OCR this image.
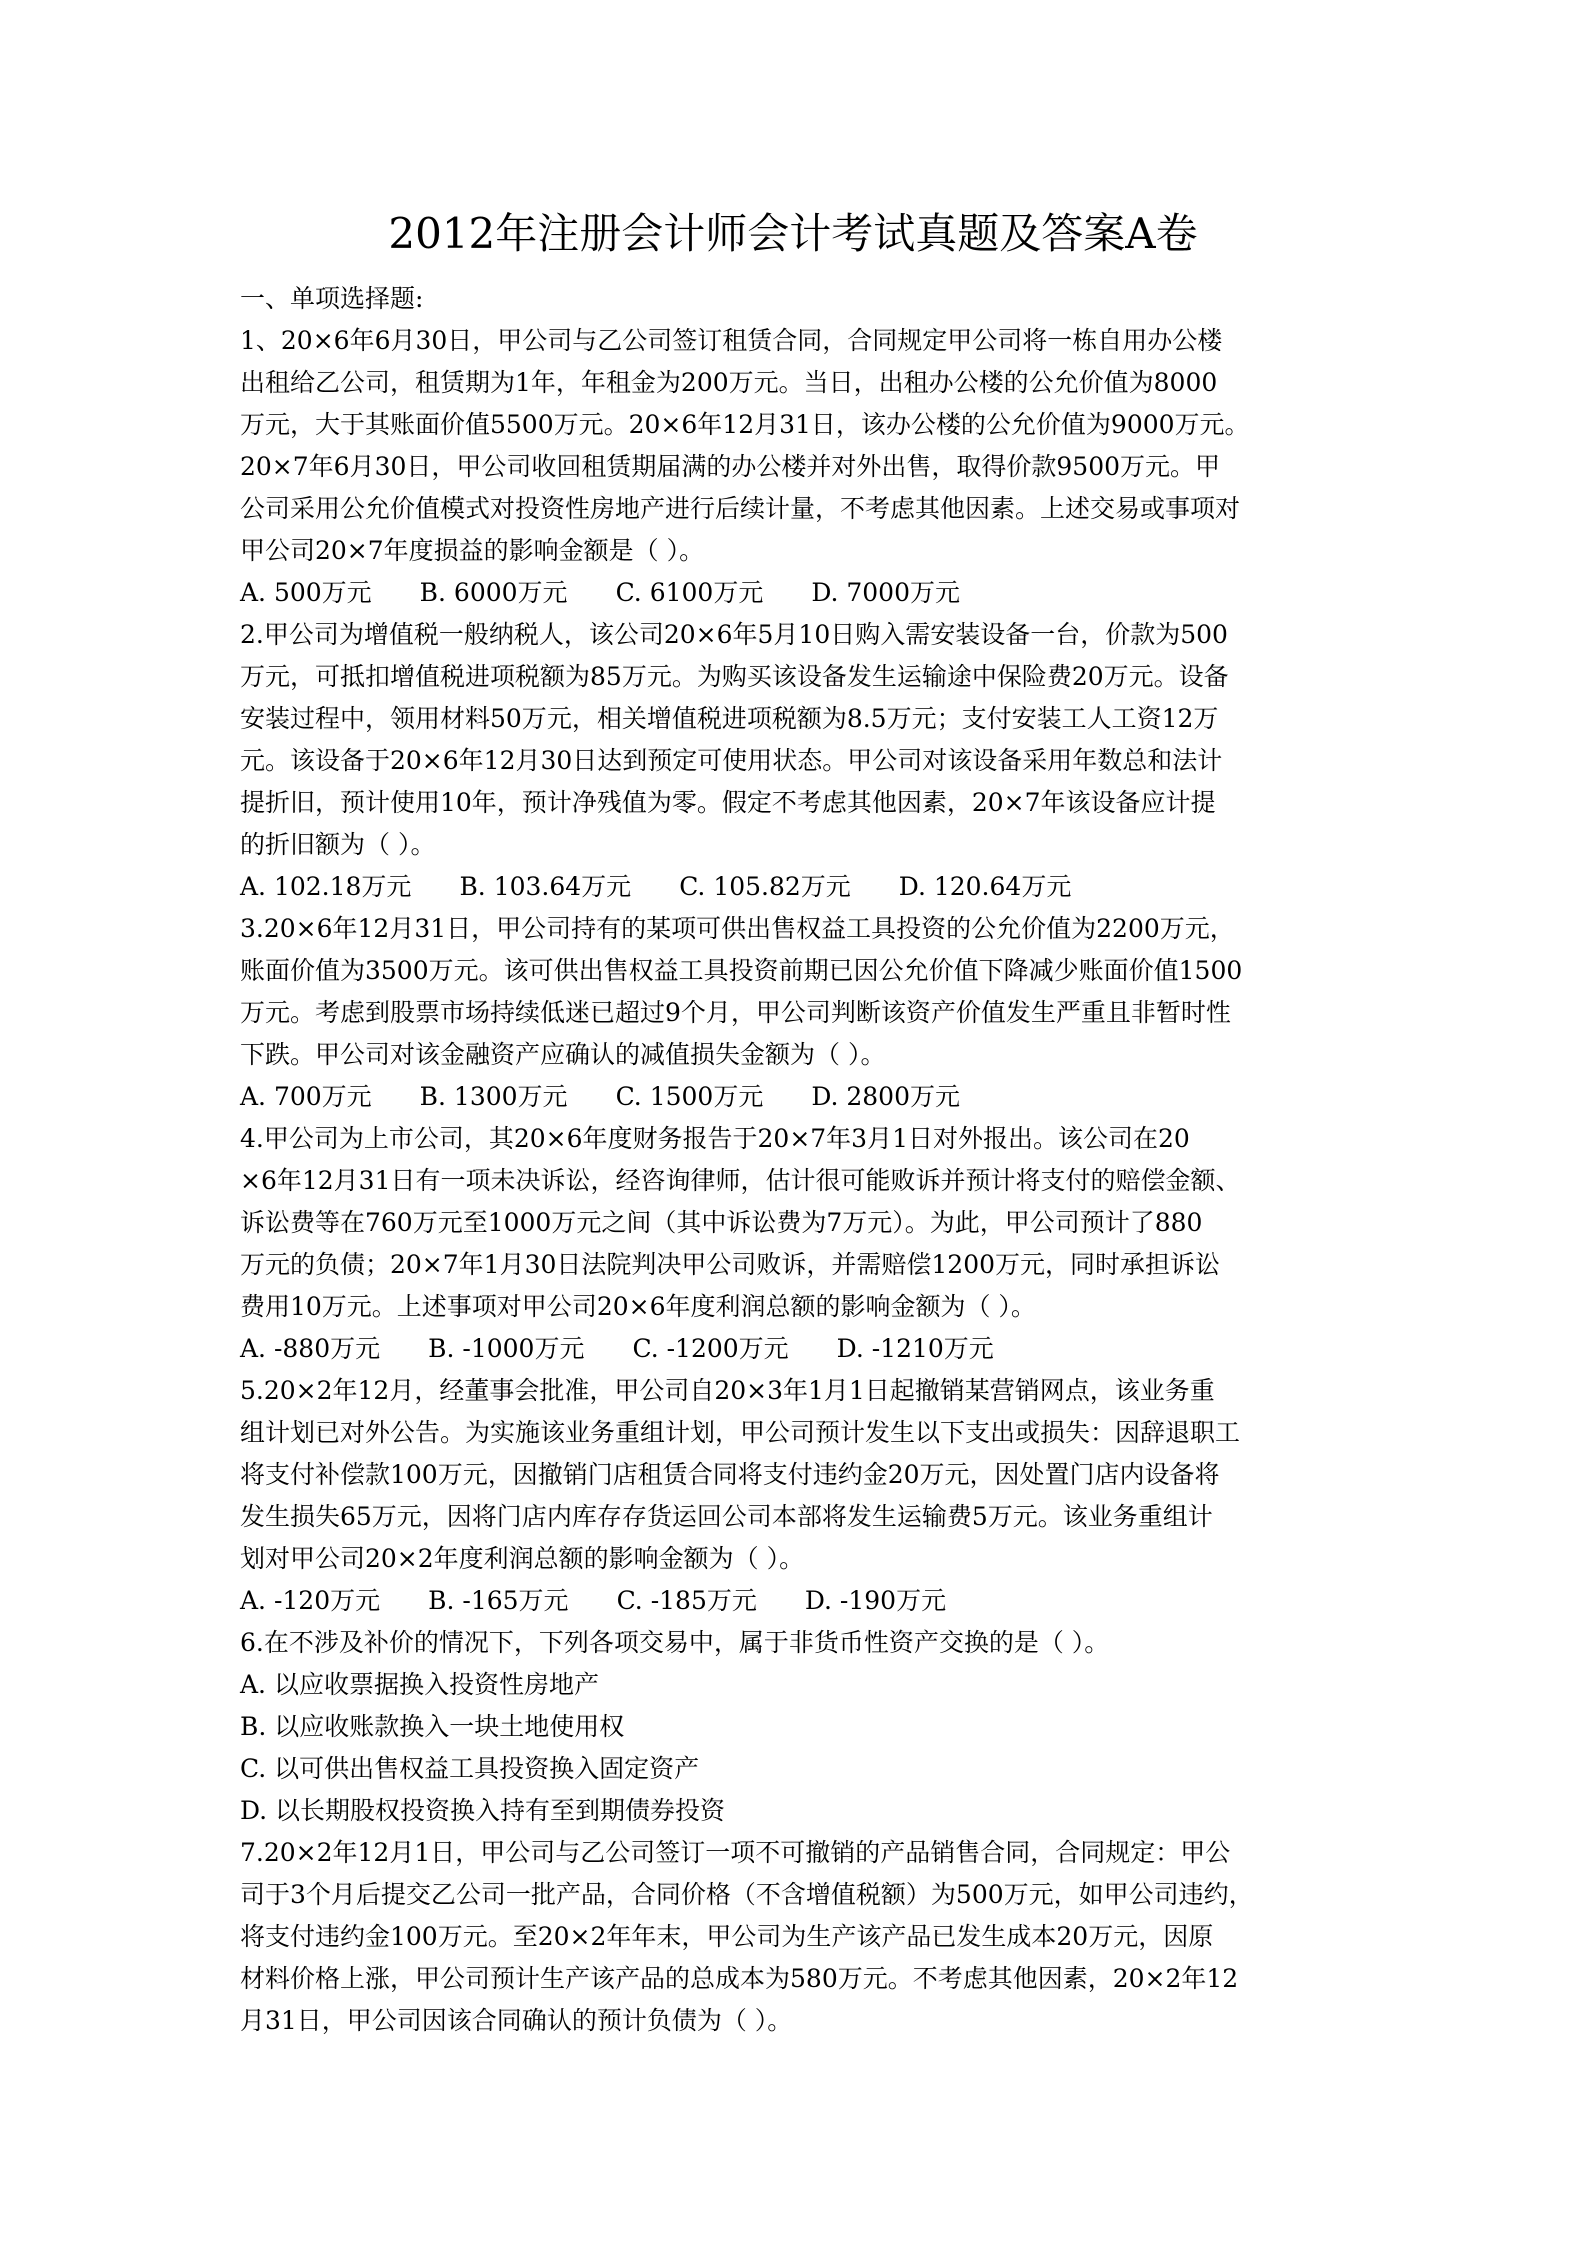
2012年注册会计师会计考试真题及答案A卷
一、单项选择题:
1、20×6年6月30日，甲公司与乙公司签订租赁合同，合同规定甲公司将一栋自用办公楼
出租给乙公司，租赁期为1年，年租金为200万元。当日，出租办公楼的公允价值为8000
万元，大于其账面价值5500万元。20×6年12月31日，该办公楼的公允价值为9000万元。
20×7年6月30日，甲公司收回租赁期届满的办公楼并对外出售，取得价款9500万元。甲
公司采用公允价值模式对投资性房地产进行后续计量，不考虑其他因素。上述交易或事项对
甲公司20×7年度损益的影响金额是（ ）。
A. 500万元 B. 6000万元 C. 6100万元 D. 7000万元
2.甲公司为增值税一般纳税人，该公司20×6年5月10日购入需安装设备一台，价款为500
万元，可抵扣增值税进项税额为85万元。为购买该设备发生运输途中保险费20万元。设备
安装过程中，领用材料50万元，相关增值税进项税额为8.5万元；支付安装工人工资12万
元。该设备于20×6年12月30日达到预定可使用状态。甲公司对该设备采用年数总和法计
提折旧，预计使用10年，预计净残值为零。假定不考虑其他因素，20×7年该设备应计提
的折旧额为（ ）。
A. 102.18万元 B. 103.64万元 C. 105.82万元 D. 120.64万元
3.20×6年12月31日，甲公司持有的某项可供出售权益工具投资的公允价值为2200万元，
账面价值为3500万元。该可供出售权益工具投资前期已因公允价值下降减少账面价值1500
万元。考虑到股票市场持续低迷已超过9个月，甲公司判断该资产价值发生严重且非暂时性
下跌。甲公司对该金融资产应确认的减值损失金额为（ ）。
A. 700万元 B. 1300万元 C. 1500万元 D. 2800万元
4.甲公司为上市公司，其20×6年度财务报告于20×7年3月1日对外报出。该公司在20
×6年12月31日有一项未决诉讼，经咨询律师，估计很可能败诉并预计将支付的赔偿金额、
诉讼费等在760万元至1000万元之间（其中诉讼费为7万元）。为此，甲公司预计了880
万元的负债；20×7年1月30日法院判决甲公司败诉，并需赔偿1200万元，同时承担诉讼
费用10万元。上述事项对甲公司20×6年度利润总额的影响金额为（ ）。
A. -880万元 B. -1000万元 C. -1200万元 D. -1210万元
5.20×2年12月，经董事会批准，甲公司自20×3年1月1日起撤销某营销网点，该业务重
组计划已对外公告。为实施该业务重组计划，甲公司预计发生以下支出或损失：因辞退职工
将支付补偿款100万元，因撤销门店租赁合同将支付违约金20万元，因处置门店内设备将
发生损失65万元，因将门店内库存存货运回公司本部将发生运输费5万元。该业务重组计
划对甲公司20×2年度利润总额的影响金额为（ ）。
A. -120万元 B. -165万元 C. -185万元 D. -190万元
6.在不涉及补价的情况下，下列各项交易中，属于非货币性资产交换的是（ ）。
A. 以应收票据换入投资性房地产
B. 以应收账款换入一块土地使用权
C. 以可供出售权益工具投资换入固定资产
D. 以长期股权投资换入持有至到期债券投资
7.20×2年12月1日，甲公司与乙公司签订一项不可撤销的产品销售合同，合同规定：甲公
司于3个月后提交乙公司一批产品，合同价格（不含增值税额）为500万元，如甲公司违约，
将支付违约金100万元。至20×2年年末，甲公司为生产该产品已发生成本20万元，因原
材料价格上涨，甲公司预计生产该产品的总成本为580万元。不考虑其他因素，20×2年12
月31日，甲公司因该合同确认的预计负债为（ ）。
